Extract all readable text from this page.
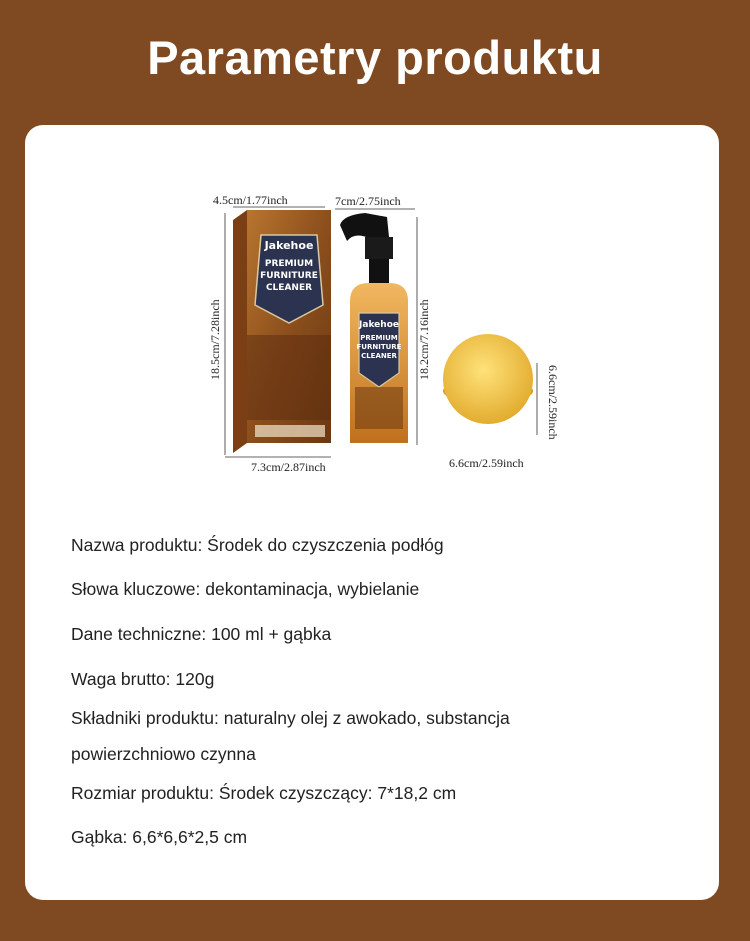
Parametry produktu
Jakehoe
PREMIUM
FURNITURE
CLEANER
4.5cm/1.77inch
18.5cm/7.28inch
7.3cm/2.87inch
Jakehoe
PREMIUM
FURNITURE
CLEANER
7cm/2.75inch
18.2cm/7.16inch
6.6cm/2.59inch
6.6cm/2.59inch
Nazwa produktu: Środek do czyszczenia podłóg
Słowa kluczowe: dekontaminacja, wybielanie
Dane techniczne: 100 ml + gąbka
Waga brutto: 120g
Składniki produktu: naturalny olej z awokado, substancja
powierzchniowo czynna
Rozmiar produktu: Środek czyszczący: 7*18,2 cm
Gąbka: 6,6*6,6*2,5 cm
